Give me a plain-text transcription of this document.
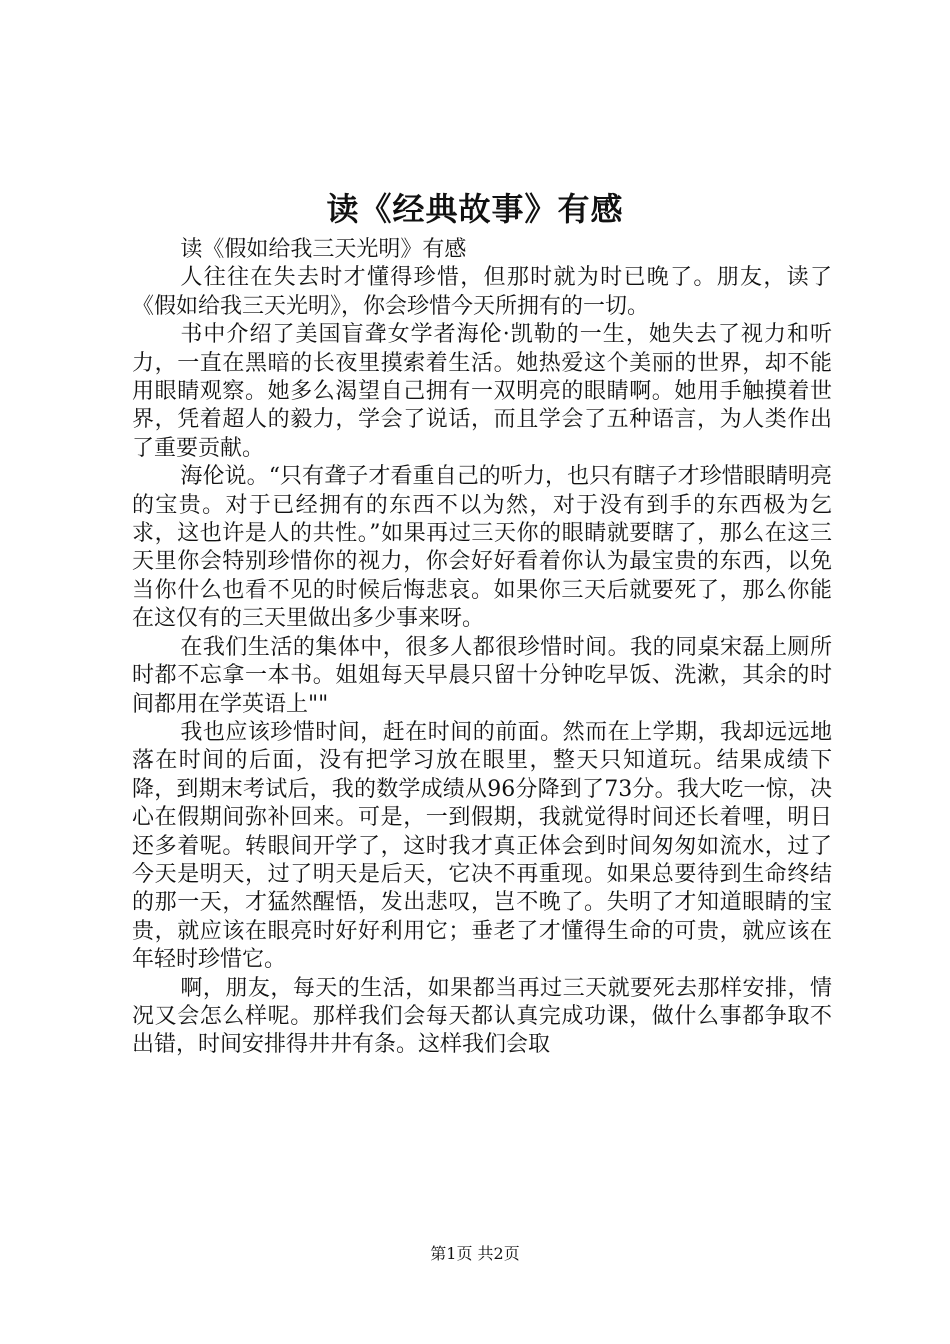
读《经典故事》有感

读《假如给我三天光明》有感

人往往在失去时才懂得珍惜，但那时就为时已晚了。朋友，读了《假如给我三天光明》，你会珍惜今天所拥有的一切。

书中介绍了美国盲聋女学者海伦·凯勒的一生，她失去了视力和听力，一直在黑暗的长夜里摸索着生活。她热爱这个美丽的世界，却不能用眼睛观察。她多么渴望自己拥有一双明亮的眼睛啊。她用手触摸着世界，凭着超人的毅力，学会了说话，而且学会了五种语言，为人类作出了重要贡献。

海伦说。“只有聋子才看重自己的听力，也只有瞎子才珍惜眼睛明亮的宝贵。对于已经拥有的东西不以为然，对于没有到手的东西极为乞求，这也许是人的共性。”如果再过三天你的眼睛就要瞎了，那么在这三天里你会特别珍惜你的视力，你会好好看着你认为最宝贵的东西，以免当你什么也看不见的时候后悔悲哀。如果你三天后就要死了，那么你能在这仅有的三天里做出多少事来呀。

在我们生活的集体中，很多人都很珍惜时间。我的同桌宋磊上厕所时都不忘拿一本书。姐姐每天早晨只留十分钟吃早饭、洗漱，其余的时间都用在学英语上""

我也应该珍惜时间，赶在时间的前面。然而在上学期，我却远远地落在时间的后面，没有把学习放在眼里，整天只知道玩。结果成绩下降，到期末考试后，我的数学成绩从96分降到了73分。我大吃一惊，决心在假期间弥补回来。可是，一到假期，我就觉得时间还长着哩，明日还多着呢。转眼间开学了，这时我才真正体会到时间匆匆如流水，过了今天是明天，过了明天是后天，它决不再重现。如果总要待到生命终结的那一天，才猛然醒悟，发出悲叹，岂不晚了。失明了才知道眼睛的宝贵，就应该在眼亮时好好利用它；垂老了才懂得生命的可贵，就应该在年轻时珍惜它。

啊，朋友，每天的生活，如果都当再过三天就要死去那样安排，情况又会怎么样呢。那样我们会每天都认真完成功课，做什么事都争取不出错，时间安排得井井有条。这样我们会取

第1页 共2页
